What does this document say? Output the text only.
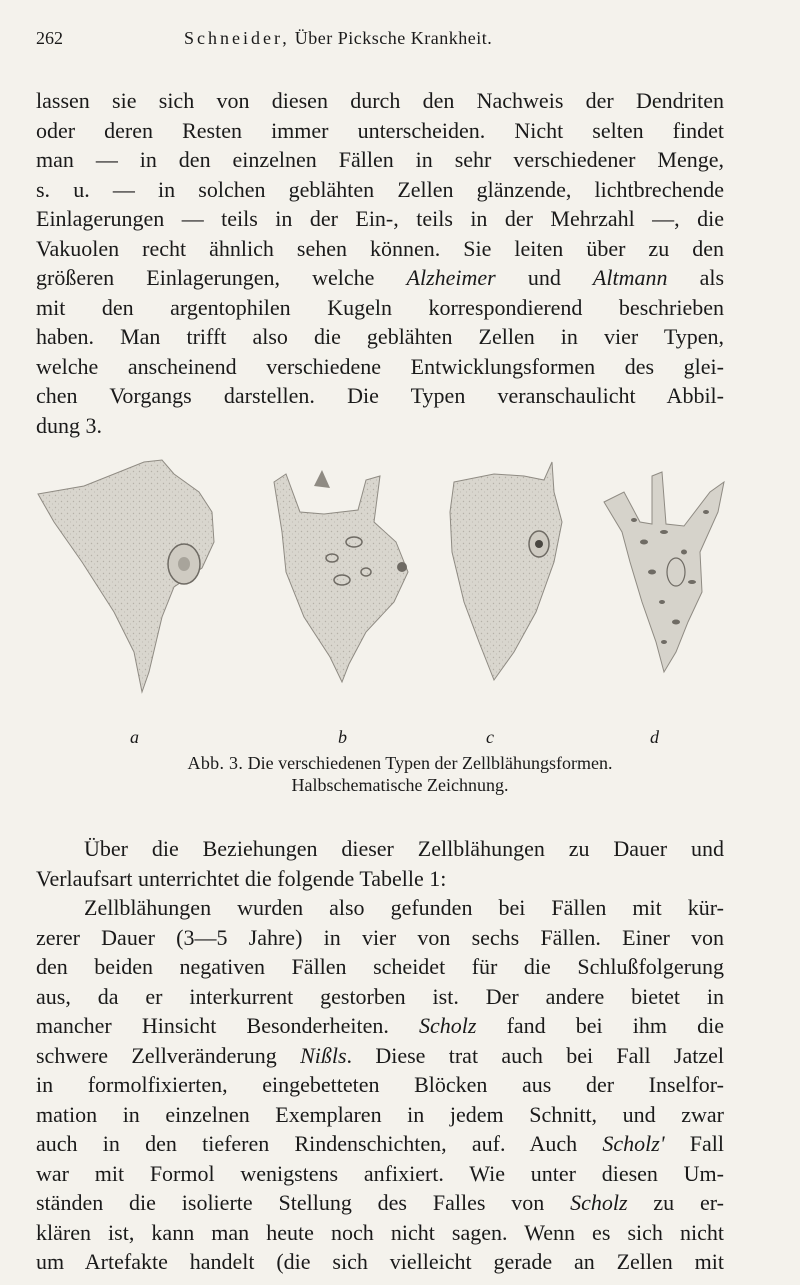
262	Schneider, Über Picksche Krankheit.
lassen sie sich von diesen durch den Nachweis der Dendriten
oder deren Resten immer unterscheiden. Nicht selten findet
man — in den einzelnen Fällen in sehr verschiedener Menge,
s. u. — in solchen geblähten Zellen glänzende, lichtbrechende
Einlagerungen — teils in der Ein-, teils in der Mehrzahl —, die
Vakuolen recht ähnlich sehen können. Sie leiten über zu den
größeren Einlagerungen, welche Alzheimer und Altmann als
mit den argentophilen Kugeln korrespondierend beschrieben
haben. Man trifft also die geblähten Zellen in vier Typen,
welche anscheinend verschiedene Entwicklungsformen des glei-
chen Vorgangs darstellen. Die Typen veranschaulicht Abbil-
dung 3.
a	b	c	d
Abb. 3. Die verschiedenen Typen der Zellblähungsformen.
Halbschematische Zeichnung.
Über die Beziehungen dieser Zellblähungen zu Dauer und
Verlaufsart unterrichtet die folgende Tabelle 1:
Zellblähungen wurden also gefunden bei Fällen mit kür-
zerer Dauer (3—5 Jahre) in vier von sechs Fällen. Einer von
den beiden negativen Fällen scheidet für die Schlußfolgerung
aus, da er interkurrent gestorben ist. Der andere bietet in
mancher Hinsicht Besonderheiten. Scholz fand bei ihm die
schwere Zellveränderung Nißls. Diese trat auch bei Fall Jatzel
in formolfixierten, eingebetteten Blöcken aus der Inselfor-
mation in einzelnen Exemplaren in jedem Schnitt, und zwar
auch in den tieferen Rindenschichten, auf. Auch Scholz' Fall
war mit Formol wenigstens anfixiert. Wie unter diesen Um-
ständen die isolierte Stellung des Falles von Scholz zu er-
klären ist, kann man heute noch nicht sagen. Wenn es sich nicht
um Artefakte handelt (die sich vielleicht gerade an Zellen mit
